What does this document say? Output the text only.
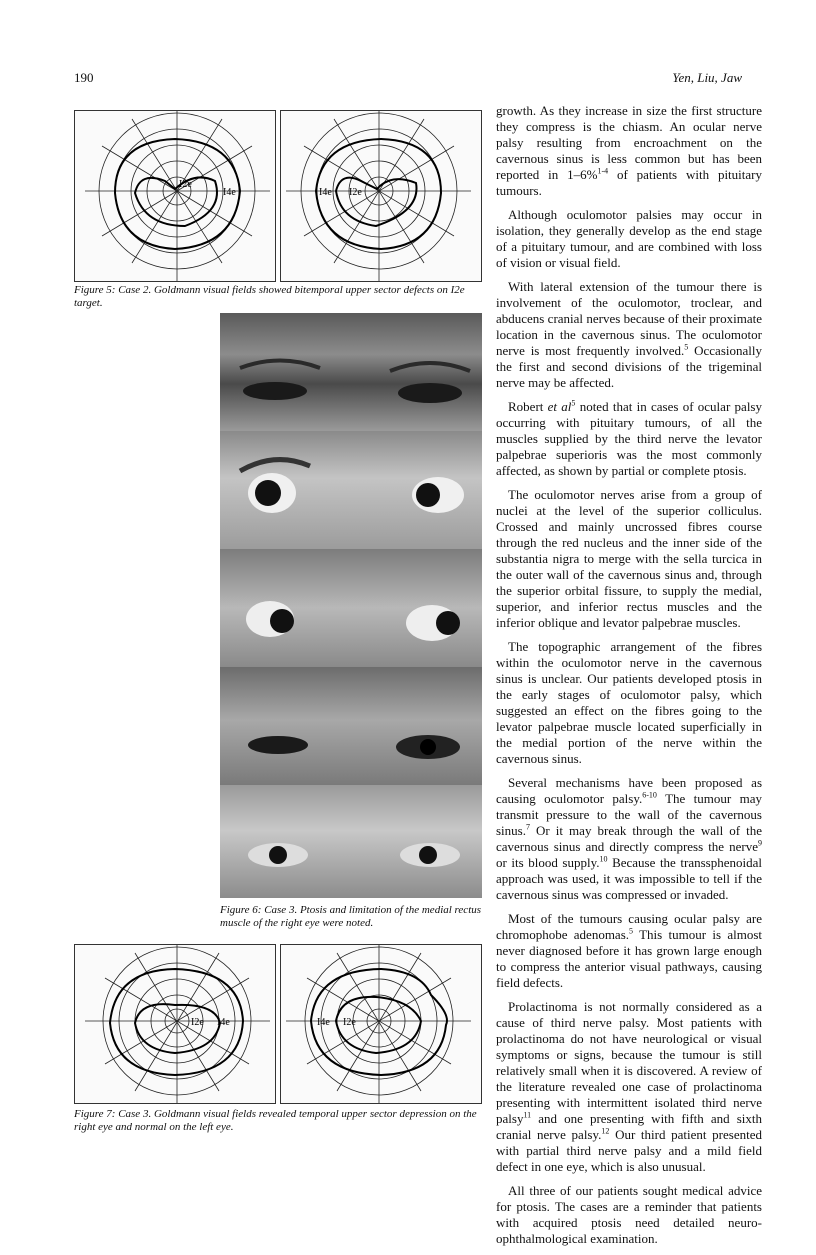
190	Yen, Liu, Jaw
I2e
I4e	I4e I2e
Figure 5: Case 2. Goldmann visual fields showed bitemporal upper sector defects on I2e target.
Figure 6: Case 3. Ptosis and limitation of the medial rectus muscle of the right eye were noted.
I2e I4e	I4e I2e
Figure 7: Case 3. Goldmann visual fields revealed temporal upper sector depression on the right eye and normal on the left eye.

growth. As they increase in size the first structure they compress is the chiasm. An ocular nerve palsy resulting from encroachment on the cavernous sinus is less common but has been reported in 1–6%$^{1-4}$ of patients with pituitary tumours.

Although oculomotor palsies may occur in isolation, they generally develop as the end stage of a pituitary tumour, and are combined with loss of vision or visual field.

With lateral extension of the tumour there is involvement of the oculomotor, troclear, and abducens cranial nerves because of their proximate location in the cavernous sinus. The oculomotor nerve is most frequently involved.$^5$ Occasionally the first and second divisions of the trigeminal nerve may be affected.

Robert et $al^5$ noted that in cases of ocular palsy occurring with pituitary tumours, of all the muscles supplied by the third nerve the levator palpebrae superioris was the most commonly affected, as shown by partial or complete ptosis.

The oculomotor nerves arise from a group of nuclei at the level of the superior colliculus. Crossed and mainly uncrossed fibres course through the red nucleus and the inner side of the substantia nigra to merge with the sella turcica in the outer wall of the cavernous sinus and, through the superior orbital fissure, to supply the medial, superior, and inferior rectus muscles and the inferior oblique and levator palpebrae muscles.

The topographic arrangement of the fibres within the oculomotor nerve in the cavernous sinus is unclear. Our patients developed ptosis in the early stages of oculomotor palsy, which suggested an effect on the fibres going to the levator palpebrae muscle located superficially in the medial portion of the nerve within the cavernous sinus.

Several mechanisms have been proposed as causing oculomotor palsy.$^{6-10}$ The tumour may transmit pressure to the wall of the cavernous sinus.$^7$ Or it may break through the wall of the cavernous sinus and directly compress the nerve$^9$ or its blood supply.$^{10}$ Because the transsphenoidal approach was used, it was impossible to tell if the cavernous sinus was compressed or invaded.

Most of the tumours causing ocular palsy are chromophobe adenomas.$^5$ This tumour is almost never diagnosed before it has grown large enough to compress the anterior visual pathways, causing field defects.

Prolactinoma is not normally considered as a cause of third nerve palsy. Most patients with prolactinoma do not have neurological or visual symptoms or signs, because the tumour is still relatively small when it is discovered. A review of the literature revealed one case of prolactinoma presenting with intermittent isolated third nerve palsy$^{11}$ and one presenting with fifth and sixth cranial nerve palsy.$^{12}$ Our third patient presented with partial third nerve palsy and a mild field defect in one eye, which is also unusual.

All three of our patients sought medical advice for ptosis. The cases are a reminder that patients with acquired ptosis need detailed neuro-ophthalmological examination.
